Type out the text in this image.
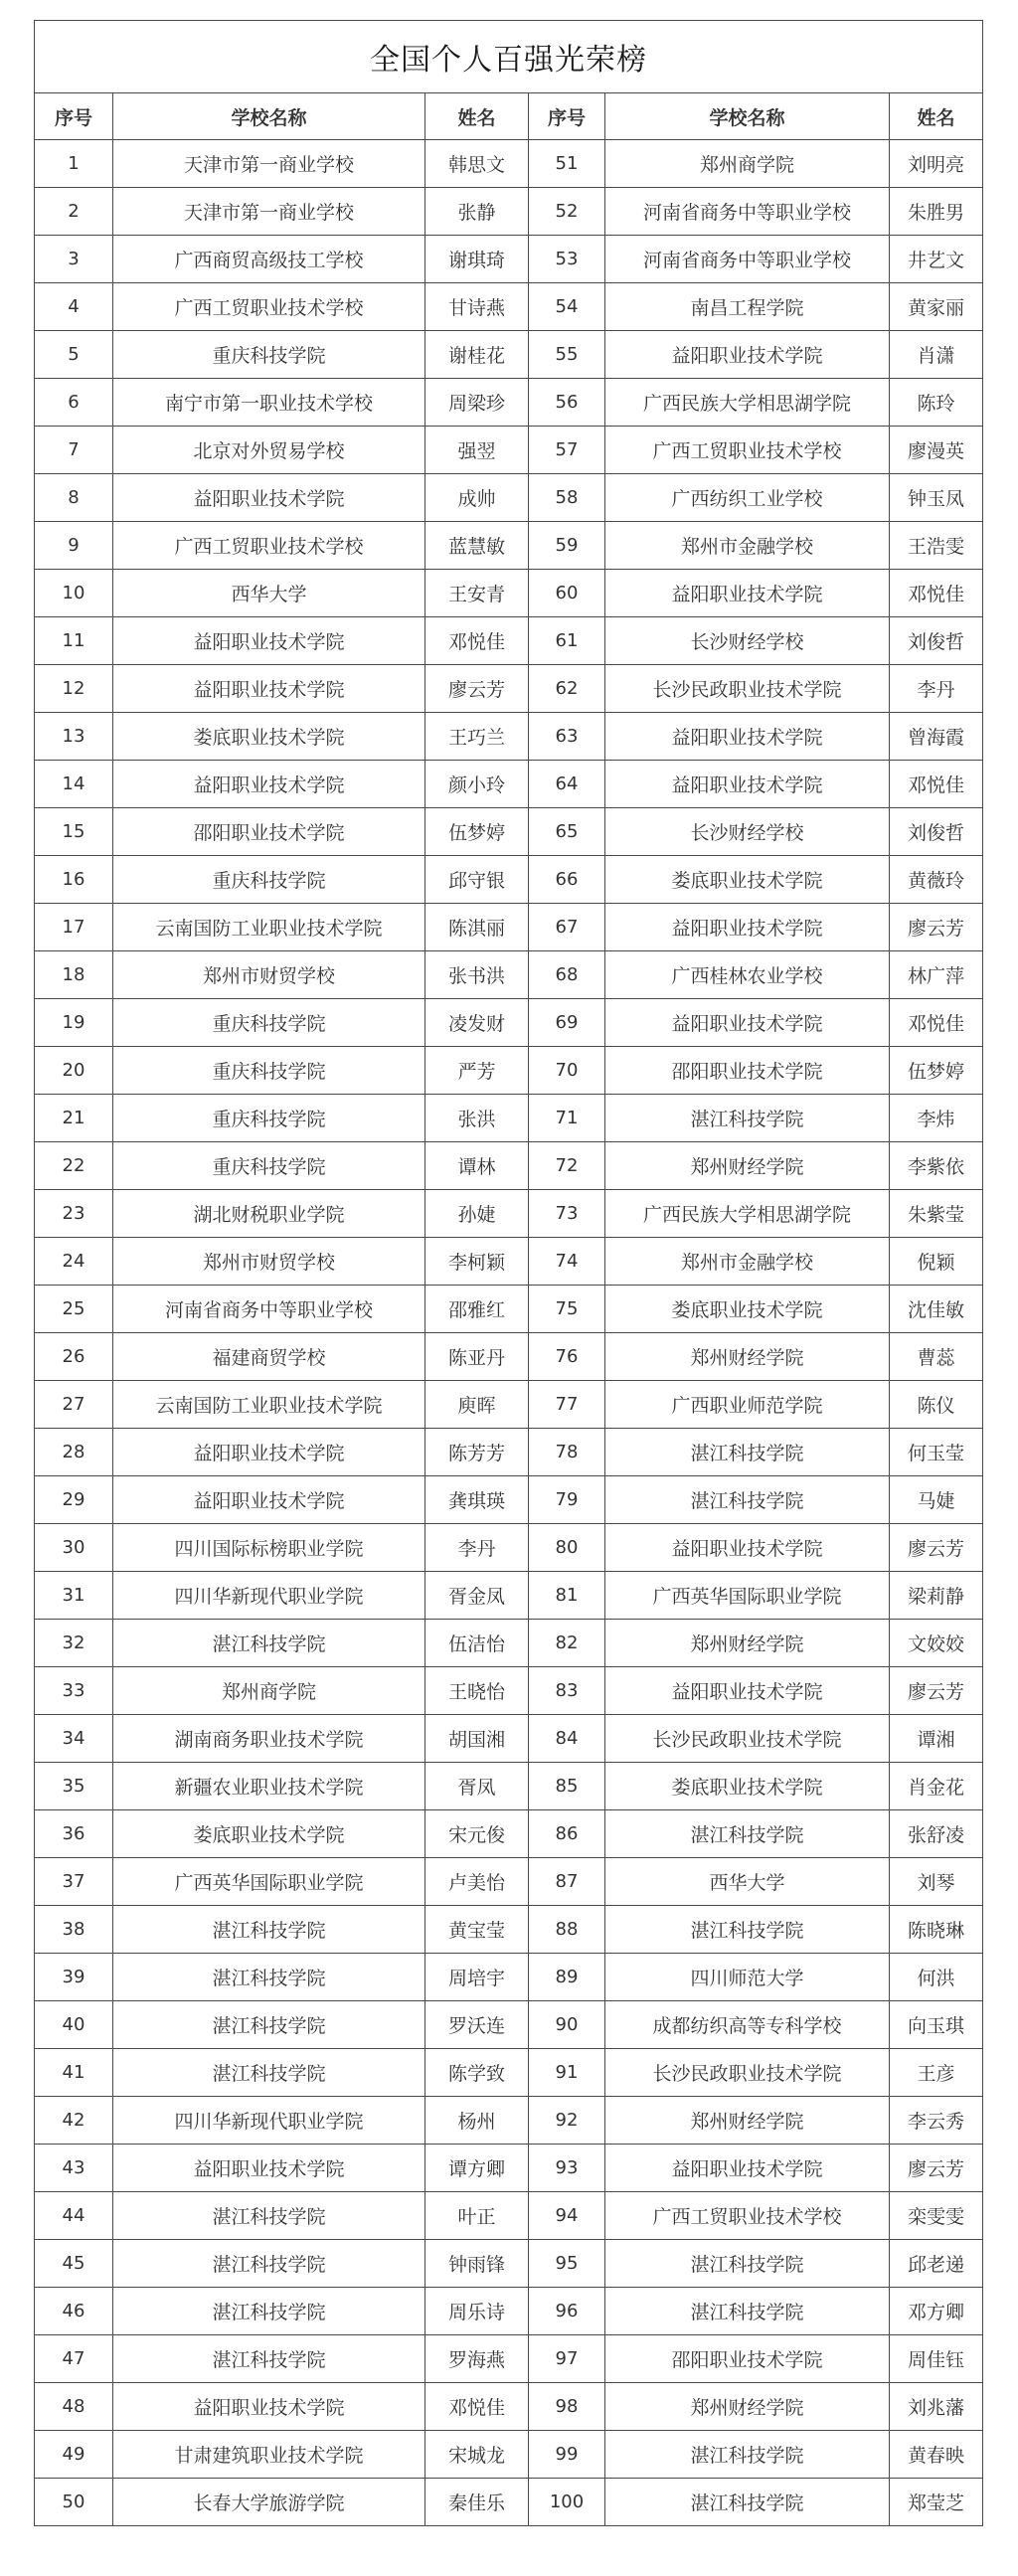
全国个人百强光荣榜					
序号	学校名称	姓名	序号	学校名称	姓名
1	天津市第一商业学校	韩思文	51	郑州商学院	刘明亮
2	天津市第一商业学校	张静	52	河南省商务中等职业学校	朱胜男
3	广西商贸高级技工学校	谢琪琦	53	河南省商务中等职业学校	井艺文
4	广西工贸职业技术学校	甘诗燕	54	南昌工程学院	黄家丽
5	重庆科技学院	谢桂花	55	益阳职业技术学院	肖潇
6	南宁市第一职业技术学校	周梁珍	56	广西民族大学相思湖学院	陈玲
7	北京对外贸易学校	强翌	57	广西工贸职业技术学校	廖漫英
8	益阳职业技术学院	成帅	58	广西纺织工业学校	钟玉凤
9	广西工贸职业技术学校	蓝慧敏	59	郑州市金融学校	王浩雯
10	西华大学	王安青	60	益阳职业技术学院	邓悦佳
11	益阳职业技术学院	邓悦佳	61	长沙财经学校	刘俊哲
12	益阳职业技术学院	廖云芳	62	长沙民政职业技术学院	李丹
13	娄底职业技术学院	王巧兰	63	益阳职业技术学院	曾海霞
14	益阳职业技术学院	颜小玲	64	益阳职业技术学院	邓悦佳
15	邵阳职业技术学院	伍梦婷	65	长沙财经学校	刘俊哲
16	重庆科技学院	邱守银	66	娄底职业技术学院	黄薇玲
17	云南国防工业职业技术学院	陈淇丽	67	益阳职业技术学院	廖云芳
18	郑州市财贸学校	张书洪	68	广西桂林农业学校	林广萍
19	重庆科技学院	凌发财	69	益阳职业技术学院	邓悦佳
20	重庆科技学院	严芳	70	邵阳职业技术学院	伍梦婷
21	重庆科技学院	张洪	71	湛江科技学院	李炜
22	重庆科技学院	谭林	72	郑州财经学院	李紫依
23	湖北财税职业学院	孙婕	73	广西民族大学相思湖学院	朱紫莹
24	郑州市财贸学校	李柯颖	74	郑州市金融学校	倪颖
25	河南省商务中等职业学校	邵雅红	75	娄底职业技术学院	沈佳敏
26	福建商贸学校	陈亚丹	76	郑州财经学院	曹蕊
27	云南国防工业职业技术学院	庾晖	77	广西职业师范学院	陈仪
28	益阳职业技术学院	陈芳芳	78	湛江科技学院	何玉莹
29	益阳职业技术学院	龚琪瑛	79	湛江科技学院	马婕
30	四川国际标榜职业学院	李丹	80	益阳职业技术学院	廖云芳
31	四川华新现代职业学院	胥金凤	81	广西英华国际职业学院	梁莉静
32	湛江科技学院	伍洁怡	82	郑州财经学院	文姣姣
33	郑州商学院	王晓怡	83	益阳职业技术学院	廖云芳
34	湖南商务职业技术学院	胡国湘	84	长沙民政职业技术学院	谭湘
35	新疆农业职业技术学院	胥凤	85	娄底职业技术学院	肖金花
36	娄底职业技术学院	宋元俊	86	湛江科技学院	张舒凌
37	广西英华国际职业学院	卢美怡	87	西华大学	刘琴
38	湛江科技学院	黄宝莹	88	湛江科技学院	陈晓琳
39	湛江科技学院	周培宇	89	四川师范大学	何洪
40	湛江科技学院	罗沃连	90	成都纺织高等专科学校	向玉琪
41	湛江科技学院	陈学致	91	长沙民政职业技术学院	王彦
42	四川华新现代职业学院	杨州	92	郑州财经学院	李云秀
43	益阳职业技术学院	谭方卿	93	益阳职业技术学院	廖云芳
44	湛江科技学院	叶正	94	广西工贸职业技术学校	栾雯雯
45	湛江科技学院	钟雨锋	95	湛江科技学院	邱老递
46	湛江科技学院	周乐诗	96	湛江科技学院	邓方卿
47	湛江科技学院	罗海燕	97	邵阳职业技术学院	周佳钰
48	益阳职业技术学院	邓悦佳	98	郑州财经学院	刘兆藩
49	甘肃建筑职业技术学院	宋城龙	99	湛江科技学院	黄春映
50	长春大学旅游学院	秦佳乐	100	湛江科技学院	郑莹芝
